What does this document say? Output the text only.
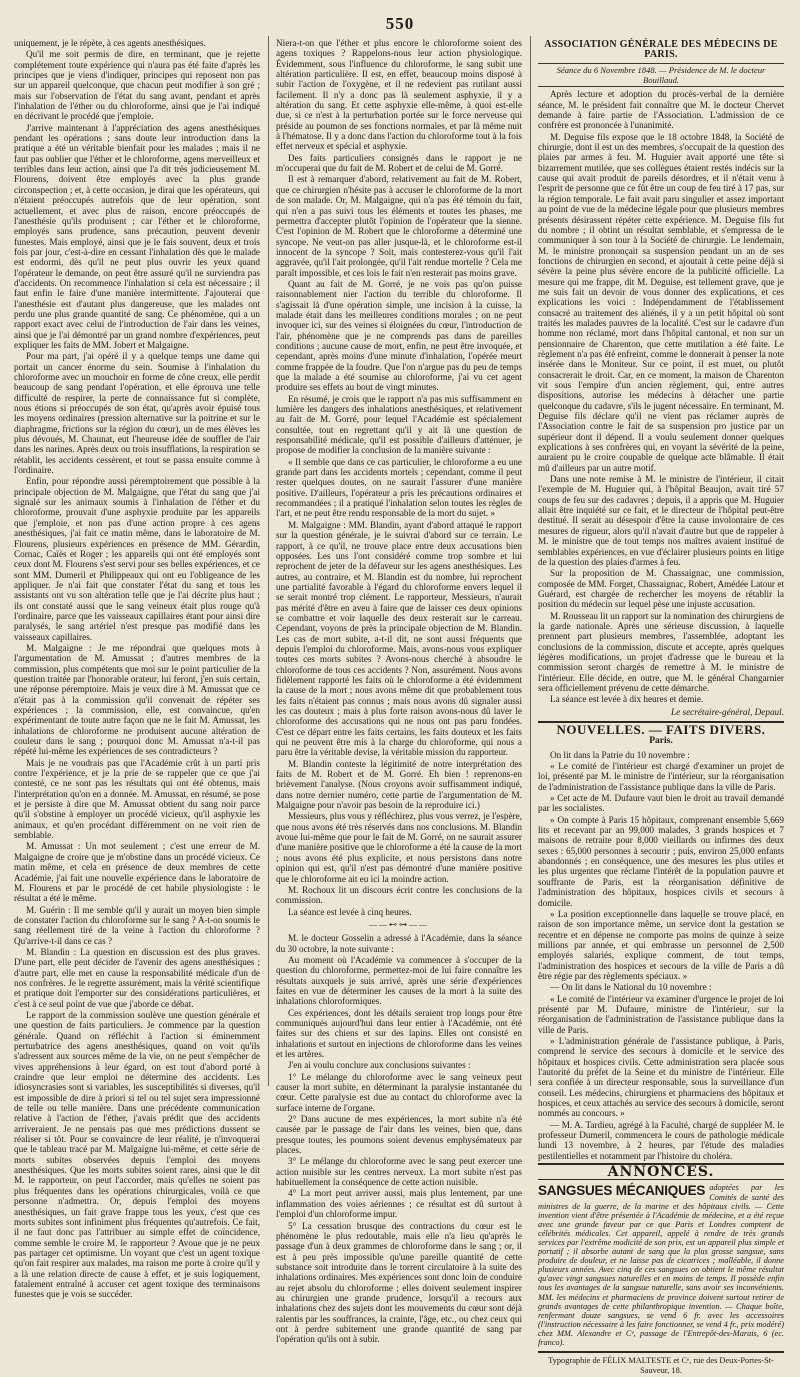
550

uniquement, je le répète, à ces agents anesthésiques.

Qu'il me soit permis de dire, en terminant, que je rejette complétement toute expérience qui n'aura pas été faite d'après les principes que je viens d'indiquer, principes qui reposent non pas sur un appareil quelconque, que chacun peut modifier à son gré ; mais sur l'observation de l'état du sang avant, pendant et après l'inhalation de l'éther ou du chloroforme, ainsi que je l'ai indiqué en décrivant le procédé que j'emploie.

J'arrive maintenant à l'appréciation des agens anesthésiques pendant les opérations ; sans doute leur introduction dans la pratique a été un véritable bienfait pour les malades ; mais il ne faut pas oublier que l'éther et le chloroforme, agens merveilleux et terribles dans leur action, ainsi que l'a dit très judicieusement M. Flourens, doivent être employés avec la plus grande circonspection ; et, à cette occasion, je dirai que les opérateurs, qui n'étaient préoccupés autrefois que de leur opération, sont actuellement, et avec plus de raison, encore préoccupés de l'anesthésie qu'ils produisent ; car l'éther et le chloroforme, employés sans prudence, sans précaution, peuvent devenir funestes. Mais employé, ainsi que je le fais souvent, deux et trois fois par jour, c'est-à-dire en cessant l'inhalation dès que le malade est endormi, dès qu'il ne peut plus ouvrir les yeux quand l'opérateur le demande, on peut être assuré qu'il ne surviendra pas d'accidents. On recommence l'inhalation si cela est nécessaire ; il faut enfin le faire d'une manière intermittente. J'ajouterai que l'anesthésie est d'autant plus dangereuse, que les malades ont perdu une plus grande quantité de sang. Ce phénomène, qui a un rapport exact avec celui de l'introduction de l'air dans les veines, ainsi que je l'ai démontré par un grand nombre d'expériences, peut expliquer les faits de MM. Jobert et Malgaigne.

Pour ma part, j'ai opéré il y a quelque temps une dame qui portait un cancer énorme du sein. Soumise à l'inhalation du chloroforme avec un mouchoir en forme de cône creux, elle perdit beaucoup de sang pendant l'opération, et elle éprouva une telle difficulté de respirer, la perte de connaissance fut si complète, nous étions si préoccupés de son état, qu'après avoir épuisé tous les moyens ordinaires (pression alternative sur la poitrine et sur le diaphragme, frictions sur la région du cœur), un de mes élèves les plus dévoués, M. Chaunat, eut l'heureuse idée de souffler de l'air dans les narines. Après deux ou trois insufflations, la respiration se rétablit, les accidents cessèrent, et tout se passa ensuite comme à l'ordinaire.

Enfin, pour répondre aussi péremptoirement que possible à la principale objection de M. Malgaigne, que l'état du sang que j'ai signalé sur les animaux soumis à l'inhalation de l'éther et du chloroforme, prouvait d'une asphyxie produite par les appareils que j'emploie, et non pas d'une action propre à ces agens anesthésiques, j'ai fait ce matin même, dans le laboratoire de M. Flourens, plusieurs expériences en présence de MM. Gérardin, Cornac, Caïès et Roger ; les appareils qui ont été employés sont ceux dont M. Flourens s'est servi pour ses belles expériences, et ce sont MM. Dumeril et Philippeaux qui ont eu l'obligeance de les appliquer. Je n'ai fait que constater l'état du sang et tous les assistants ont vu son altération telle que je l'ai décrite plus haut ; ils ont constaté aussi que le sang veineux était plus rouge qu'à l'ordinaire, parce que les vaisseaux capillaires étant pour ainsi dire paralysés, le sang artériel n'est presque pas modifié dans les vaisseaux capillaires.

M. Malgaigne : Je me répondrai que quelques mots à l'argumentation de M. Amussat ; d'autres membres de la commission, plus compétents que moi sur le point particulier de la question traitée par l'honorable orateur, lui feront, j'en suis certain, une réponse péremptoire. Mais je veux dire à M. Amussat que ce n'était pas à la commission qu'il convenait de répéter ses expériences ; la commission, elle, est convaincue, qu'en expérimentant de toute autre façon que ne le fait M. Amussat, les inhalations de chloroforme ne produisent aucune altération de couleur dans le sang ; pourquoi donc M. Amussat n'a-t-il pas répété lui-même les expériences de ses contradicteurs ?

Mais je ne voudrais pas que l'Académie crût à un parti pris contre l'expérience, et je la prie de se rappeler que ce que j'ai contesté, ce ne sont pas les résultats qui ont été obtenus, mais l'interprétation qu'on en a donnée. M. Amussat, en résumé, se pose et je persiste à dire que M. Amussat obtient du sang noir parce qu'il s'obstine à employer un procédé vicieux, qu'il asphyxie les animaux, et qu'en procédant différemment on ne voit rien de semblable.

M. Amussat : Un mot seulement ; c'est une erreur de M. Malgaigne de croire que je m'obstine dans un procédé vicieux. Ce matin même, et cela en présence de deux membres de cette Académie, j'ai fait une nouvelle expérience dans le laboratoire de M. Flourens et par le procédé de cet habile physiologiste : le résultat a été le même.

M. Guérin : Il me semble qu'il y aurait un moyen bien simple de constater l'action du chloroforme sur le sang ? A-t-on soumis le sang réellement tiré de la veine à l'action du chloroforme ? Qu'arrive-t-il dans ce cas ?

M. Blandin : La question en discussion est des plus graves. D'une part, elle peut décider de l'avenir des agens anesthésiques ; d'autre part, elle met en cause la responsabilité médicale d'un de nos confrères. Je le regrette assurément, mais la vérité scientifique et pratique doit l'emporter sur des considérations particulières, et c'est à ce seul point de vue que j'aborde ce débat.

Le rapport de la commission soulève une question générale et une question de faits particuliers. Je commence par la question générale. Quand on réfléchit à l'action si éminemment perturbatrice des agens anesthésiques, quand on voit qu'ils s'adressent aux sources même de la vie, on ne peut s'empêcher de vives appréhensions à leur égard, on est tout d'abord porté à craindre que leur emploi ne détermine des accidents. Les idiosyncrasies sont si variables, les susceptibilités si diverses, qu'il est impossible de dire à priori si tel ou tel sujet sera impressionné de telle ou telle manière. Dans une précédente communication relative à l'action de l'éther, j'avais prédit que des accidents arriveraient. Je ne pensais pas que mes prédictions dussent se réaliser si tôt. Pour se convaincre de leur réalité, je n'invoquerai que le tableau tracé par M. Malgaigne lui-même, et cette série de morts subites observées depuis l'emploi des moyens anesthésiques. Que les morts subites soient rares, ainsi que le dit M. le rapporteur, on peut l'accorder, mais qu'elles ne soient pas plus fréquentes dans les opérations chirurgicales, voilà ce que personne n'admettra. Or, depuis l'emploi des moyens anesthésiques, un fait grave frappe tous les yeux, c'est que ces morts subites sont infiniment plus fréquentes qu'autrefois. Ce fait, il ne faut donc pas l'attribuer au simple effet de coïncidence, comme semble le croire M. le rapporteur ? Avoue que je ne peux pas partager cet optimisme. Un voyant que c'est un agent toxique qu'on fait respirer aux malades, ma raison me porte à croire qu'il y a là une relation directe de cause à effet, et je suis logiquement, fatalement entraîné à accuser cet agent toxique des terminaisons funestes que je vois se succéder.

Niera-t-on que l'éther et plus encore le chloroforme soient des agens toxiques ? Rappelons-nous leur action physiologique. Évidemment, sous l'influence du chloroforme, le sang subit une altération particulière. Il est, en effet, beaucoup moins disposé à subir l'action de l'oxygène, et il ne redevient pas rutilant aussi facilement. Il n'y a donc pas là seulement asphyxie, il y a altération du sang. Et cette asphyxie elle-même, à quoi est-elle due, si ce n'est à la perturbation portée sur le force nerveuse qui préside au poumon de ses fonctions normales, et par là même nuit à l'hématose. Il y a donc dans l'action du chloroforme tout à la fois effet nerveux et spécial et asphyxie.

Des faits particuliers consignés dans le rapport je ne m'occuperai que du fait de M. Robert et de celui de M. Gorré.

Il est à remarquer d'abord, relativement au fait de M. Robert, que ce chirurgien n'hésite pas à accuser le chloroforme de la mort de son malade. Or, M. Malgaigne, qui n'a pas été témoin du fait, qui n'en a pas suivi tous les éléments et toutes les phases, me permettra d'accepter plutôt l'opinion de l'opérateur que la sienne. C'est l'opinion de M. Robert que le chloroforme a déterminé une syncope. Ne veut-on pas aller jusque-là, et le chloroforme est-il innocent de la syncope ? Soit, mais contesterez-vous qu'il l'ait aggravée, qu'il l'ait prolongée, qu'il l'ait rendue mortelle ? Cela me paraît impossible, et ces lois le fait n'en resterait pas moins grave.

Quant au fait de M. Gorré, je ne vois pas qu'on puisse raisonnablement nier l'action du terrible du chloroforme. Il s'agissait là d'une opération simple, une incision à la cuisse, la malade était dans les meilleures conditions morales ; on ne peut invoquer ici, sur des veines si éloignées du cœur, l'introduction de l'air, phénomène que je ne comprends pas dans de pareilles conditions ; aucune cause de mort, enfin, ne peut être invoquée, et cependant, après moins d'une minute d'inhalation, l'opérée meurt comme frappée de la foudre. Que l'on n'argue pas du peu de temps que la malade a été soumise au chloroforme, j'ai vu cet agent produire ses effets au bout de vingt minutes.

En résumé, je crois que le rapport n'a pas mis suffisamment en lumière les dangers des inhalations anesthésiques, et relativement au fait de M. Gorré, pour lequel l'Académie est spécialement consultée, tout en regrettant qu'il y ait là une question de responsabilité médicale, qu'il est possible d'ailleurs d'atténuer, je propose de modifier la conclusion de la manière suivante :

« Il semble que dans ce cas particulier, le chloroforme a eu une grande part dans les accidents mortels ; cependant, comme il peut rester quelques doutes, on ne saurait l'assurer d'une manière positive. D'ailleurs, l'opérateur a pris les précautions ordinaires et recommandées ; il a pratiqué l'inhalation selon toutes les règles de l'art, et ne peut être rendu responsable de la mort du sujet. »

M. Malgaigne : MM. Blandin, ayant d'abord attaqué le rapport sur la question générale, je le suivrai d'abord sur ce terrain. Le rapport, à ce qu'il, ne trouve place entre deux accusations bien opposées. Les uns l'ont considéré comme trop sombre et lui reprochent de jeter de la défaveur sur les agens anesthésiques. Les autres, au contraire, et M. Blandin est du nombre, lui reprochent une partialité favorable à l'égard du chloroforme envers lequel il se serait montré trop clément. Le rapporteur, Messieurs, n'aurait pas mérité d'être en aveu à faire que de laisser ces deux opinions se combattre et voir laquelle des deux resterait sur le carreau. Cependant, voyons de près la principale objection de M. Blandin. Les cas de mort subite, a-t-il dit, ne sont aussi fréquents que depuis l'emploi du chloroforme. Mais, avons-nous vous expliquer toutes ces morts subites ? Avons-nous cherché à absoudre le chloroforme de tous ces accidents ? Non, assurément. Nous avons fidèlement rapporté les faits où le chloroforme a été évidemment la cause de la mort ; nous avons même dit que probablement tous les faits n'étaient pas connus ; mais nous avons dû signaler aussi les cas douteux ; mais à plus forte raison avons-nous dû laver le chloroforme des accusations qui ne nous ont pas paru fondées. C'est ce départ entre les faits certains, les faits douteux et les faits qui ne peuvent être mis à la charge du chloroforme, qui nous a paru être la véritable devise, la véritable mission du rapporteur.

M. Blandin conteste la légitimité de notre interprétation des faits de M. Robert et de M. Gorré. Eh bien ! reprenons-en brièvement l'analyse. (Nous croyons avoir suffisamment indiqué, dans notre dernier numéro, cette partie de l'argumentation de M. Malgaigne pour n'avoir pas besoin de la reproduire ici.)

Messieurs, plus vous y réfléchirez, plus vous verrez, je l'espère, que nous avons été très réservés dans nos conclusions. M. Blandin avoue lui-même que pour le fait de M. Gorré, on ne saurait assurer d'une manière positive que le chloroforme a été la cause de la mort ; nous avons été plus explicite, et nous persistons dans notre opinion qui est, qu'il n'est pas démontré d'une manière positive que le chloroforme ait eu ici la moindre action.

M. Rochoux lit un discours écrit contre les conclusions de la commission.

La séance est levée à cinq heures.

——⊷⊶——

M. le docteur Gosselin a adressé à l'Académie, dans la séance du 30 octobre, la note suivante :

Au moment où l'Académie va commencer à s'occuper de la question du chloroforme, permettez-moi de lui faire connaître les résultats auxquels je suis arrivé, après une série d'expériences faites en vue de déterminer les causes de la mort à la suite des inhalations chloroformiques.

Ces expériences, dont les détails seraient trop longs pour être communiqués aujourd'hui dans leur entier à l'Académie, ont été faites sur des chiens et sur des lapins. Elles ont consisté en inhalations et surtout en injections de chloroforme dans les veines et les artères.

J'en ai voulu conclure aux conclusions suivantes :

1° Le mélange du chloroforme avec le sang veineux peut causer la mort subite, en déterminant la paralysie instantanée du cœur. Cette paralysie est due au contact du chloroforme avec la surface interne de l'organe.

2° Dans aucune de mes expériences, la mort subite n'a été causée par le passage de l'air dans les veines, bien que, dans presque toutes, les poumons soient devenus emphysémateux par places.

3° Le mélange du chloroforme avec le sang peut exercer une action nuisible sur les centres nerveux. La mort subite n'est pas habituellement la conséquence de cette action nuisible.

4° La mort peut arriver aussi, mais plus lentement, par une inflammation des voies aériennes ; ce résultat est dû surtout à l'emploi d'un chloroforme impur.

5° La cessation brusque des contractions du cœur est le phénomène le plus redoutable, mais elle n'a lieu qu'après le passage d'un à deux grammes de chloroforme dans le sang ; or, il est à peu près impossible qu'une pareille quantité de cette substance soit introduite dans le torrent circulatoire à la suite des inhalations ordinaires. Mes expériences sont donc loin de conduire au rejet absolu du chloroforme ; elles doivent seulement inspirer au chirurgien une grande prudence, lorsqu'il a recours aux inhalations chez des sujets dont les mouvements du cœur sont déjà ralentis par les souffrances, la crainte, l'âge, etc., ou chez ceux qui ont à perdre subitement une grande quantité de sang par l'opération qu'ils ont à subir.

ASSOCIATION GÉNÉRALE DES MÉDECINS DE PARIS.
Séance du 6 Novembre 1848. — Présidence de M. le docteur Bouillaud.

Après lecture et adoption du procès-verbal de la dernière séance, M. le président fait connaître que M. le docteur Chervet demande à faire partie de l'Association. L'admission de ce confrère est prononcée à l'unanimité.

M. Deguise fils expose que le 18 octobre 1848, la Société de chirurgie, dont il est un des membres, s'occupait de la question des plaies par armes à feu. M. Huguier avait apporté une tête si bizarrement mutilée, que ses collègues étaient restés indécis sur la cause qui avait produit de pareils désordres, et il n'était venu à l'esprit de personne que ce fût être un coup de feu tiré à 17 pas, sur la région temporale. Le fait avait paru singulier et assez important au point de vue de la médecine légale pour que plusieurs membres présents désirassent répéter cette expérience. M. Deguise fils fut du nombre ; il obtint un résultat semblable, et s'empressa de le communiquer à son tour à la Société de chirurgie. Le lendemain, M. le ministre prononçait sa suspension pendant un an de ses fonctions de chirurgien en second, et ajoutait à cette peine déjà si sévère la peine plus sévère encore de la publicité officielle. La mesure qui me frappe, dit M. Deguise, est tellement grave, que je me suis fait un devoir de vous donner des explications, et ces explications les voici : Indépendamment de l'établissement consacré au traitement des aliénés, il y a un petit hôpital où sont traités les malades pauvres de la localité. C'est sur le cadavre d'un homme non réclamé, mort dans l'hôpital cantonal, et non sur un pensionnaire de Charenton, que cette mutilation a été faite. Le règlement n'a pas été enfreint, comme le donnerait à penser la note insérée dans le Moniteur. Sur ce point, il est muet, ou plutôt consacrerait le droit. Car, en ce moment, la maison de Charenton vit sous l'empire d'un ancien règlement, qui, entre autres dispositions, autorise les médecins à détacher une partie quelconque du cadavre, s'ils le jugent nécessaire. En terminant, M. Deguise fils déclare qu'il ne vient pas réclamer auprès de l'Association contre le fait de sa suspension pro justice par un supérieur dont il dépend. Il a voulu seulement donner quelques explications à ses confrères qui, en voyant la sévérité de la peine, auraient pu le croire coupable de quelque acte blâmable. Il était mû d'ailleurs par un autre motif.

Dans une note remise à M. le ministre de l'intérieur, il citait l'exemple de M. Huguier qui, à l'hôpital Beaujon, avait tiré 57 coups de feu sur des cadavres ; depuis, il a appris que M. Huguier allait être inquiété sur ce fait, et le directeur de l'hôpital peut-être destitué. Il serait au désespoir d'être la cause involontaire de ces mesures de rigueur, alors qu'il n'avait d'autre but que de rappeler à M. le ministre que de tout temps nos maîtres avaient institué de semblables expériences, en vue d'éclairer plusieurs points en litige de la question des plaies d'armes à feu.

Sur la proposition de M. Chassaignac, une commission, composée de MM. Forget, Chassaignac, Robert, Amédée Latour et Guérard, est chargée de rechercher les moyens de rétablir la position du médecin sur lequel pèse une injuste accusation.

M. Rousseau lit un rapport sur la nomination des chirurgiens de la garde nationale. Après une sérieuse discussion, à laquelle prennent part plusieurs membres, l'assemblée, adoptant les conclusions de la commission, discute et accepte, après quelques légères modifications, un projet d'adresse que le bureau et la commission seront chargés de remettre à M. le ministre de l'intérieur. Elle décide, en outre, que M. le général Changarnier sera officiellement prévenu de cette démarche.

La séance est levée à dix heures et demie.

Le secrétaire-général, Depaul.
NOUVELLES. — FAITS DIVERS.
Paris.

On lit dans la Patrie du 10 novembre :

« Le comité de l'intérieur est chargé d'examiner un projet de loi, présenté par M. le ministre de l'intérieur, sur la réorganisation de l'administration de l'assistance publique dans la ville de Paris.

» Cet acte de M. Dufaure vaut bien le droit au travail demandé par les socialistes.

» On compte à Paris 15 hôpitaux, comprenant ensemble 5,669 lits et recevant par an 99,000 malades, 3 grands hospices et 7 maisons de retraite pour 8,000 vieillards ou infirmes des deux sexes : 65,000 personnes à secourir ; puis, environ 25,000 enfants abandonnés ; en conséquence, une des mesures les plus utiles et les plus urgentes que réclame l'intérêt de la population pauvre et souffrante de Paris, est la réorganisation définitive de l'administration des hôpitaux, hospices civils et secours à domicile.

» La position exceptionnelle dans laquelle se trouve placé, en raison de son importance même, un service dont la gestation se recentre et en dépense ne comporte pas moins de quinze à seize millions par année, et qui embrasse un personnel de 2,500 employés salariés, explique comment, de tout temps, l'administration des hospices et secours de la ville de Paris a dû être régie par des règlements spéciaux. »

— On lit dans le National du 10 novembre :

« Le comité de l'intérieur va examiner d'urgence le projet de loi présenté par M. Dufaure, ministre de l'intérieur, sur la réorganisation de l'administration de l'assistance publique dans la ville de Paris.

» L'administration générale de l'assistance publique, à Paris, comprend le service des secours à domicile et le service des hôpitaux et hospices civils. Cette administration sera placée sous l'autorité du préfet de la Seine et du ministre de l'intérieur. Elle sera confiée à un directeur responsable, sous la surveillance d'un conseil. Les médecins, chirurgiens et pharmaciens des hôpitaux et hospices, et ceux attachés au service des secours à domicile, seront nommés au concours. »

— M. A. Tardieu, agrégé à la Faculté, chargé de suppléer M. le professeur Dumeril, commencera le cours de pathologie médicale lundi 13 novembre, à 2 heures, par l'étude des maladies pestilentielles et notamment par l'histoire du choléra.

ANNONCES.
SANGSUES MÉCANIQUES adoptées par les Comités de santé des ministres de la guerre, de la marine et des hôpitaux civils. — Cette invention vient d'être présentée à l'Académie de médecine, et a été reçue avec une grande faveur par ce que Paris et Londres comptent de célébrités médicales. Cet appareil, appelé à rendre de très grands services par l'extrême modicité de son prix, est un appareil plus simple et portatif ; il absorbe autant de sang que la plus grosse sangsue, sans produire de douleur, et ne laisse pas de cicatrices ; malléable, il donne plusieurs années. Avec cinq de ces sangsues on obtient le même résultat qu'avec vingt sangsues naturelles et en moins de temps. Il possède enfin tous les avantages de la sangsue naturelle, sans avoir ses inconvénients. MM. les médecins et pharmaciens de province doivent surtout retirer de grands avantages de cette philanthropique invention. — Chaque boîte, renfermant douze sangsues, se vend 6 fr. avec les accessoires (l'instruction nécessaire à les faire fonctionner, se vend 4 fr., prix modéré) chez MM. Alexandre et Cᵉ, passage de l'Entrepôt-des-Marais, 6 (ec. franco).
Typographie de FÉLIX MALTESTE et Cᵉ, rue des Deux-Portes-St-Sauveur, 18.
